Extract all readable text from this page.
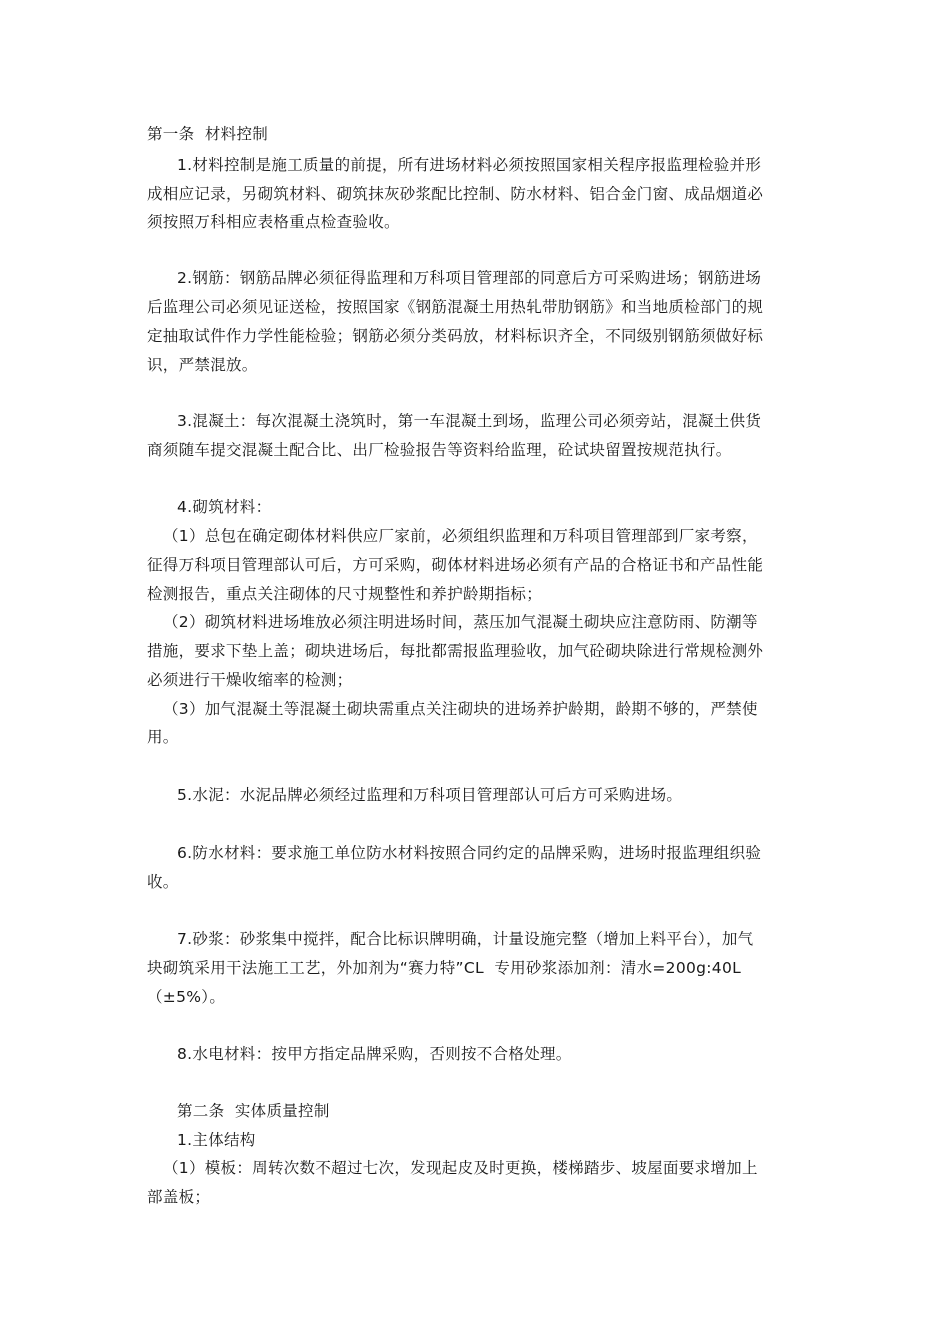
第一条  材料控制
1.材料控制是施工质量的前提，所有进场材料必须按照国家相关程序报监理检验并形
成相应记录，另砌筑材料、砌筑抹灰砂浆配比控制、防水材料、铝合金门窗、成品烟道必
须按照万科相应表格重点检查验收。
2.钢筋：钢筋品牌必须征得监理和万科项目管理部的同意后方可采购进场；钢筋进场
后监理公司必须见证送检，按照国家《钢筋混凝土用热轧带肋钢筋》和当地质检部门的规
定抽取试件作力学性能检验；钢筋必须分类码放，材料标识齐全，不同级别钢筋须做好标
识，严禁混放。
3.混凝土：每次混凝土浇筑时，第一车混凝土到场，监理公司必须旁站，混凝土供货
商须随车提交混凝土配合比、出厂检验报告等资料给监理，砼试块留置按规范执行。
4.砌筑材料：
（1）总包在确定砌体材料供应厂家前，必须组织监理和万科项目管理部到厂家考察，
征得万科项目管理部认可后，方可采购，砌体材料进场必须有产品的合格证书和产品性能
检测报告，重点关注砌体的尺寸规整性和养护龄期指标；
（2）砌筑材料进场堆放必须注明进场时间，蒸压加气混凝土砌块应注意防雨、防潮等
措施，要求下垫上盖；砌块进场后，每批都需报监理验收，加气砼砌块除进行常规检测外
必须进行干燥收缩率的检测；
（3）加气混凝土等混凝土砌块需重点关注砌块的进场养护龄期，龄期不够的，严禁使
用。
5.水泥：水泥品牌必须经过监理和万科项目管理部认可后方可采购进场。
6.防水材料：要求施工单位防水材料按照合同约定的品牌采购，进场时报监理组织验
收。
7.砂浆：砂浆集中搅拌，配合比标识牌明确，计量设施完整（增加上料平台），加气
块砌筑采用干法施工工艺，外加剂为“赛力特”CL  专用砂浆添加剂：清水=200g:40L
（±5%）。
8.水电材料：按甲方指定品牌采购，否则按不合格处理。
第二条  实体质量控制
1.主体结构
（1）模板：周转次数不超过七次，发现起皮及时更换，楼梯踏步、坡屋面要求增加上
部盖板；
